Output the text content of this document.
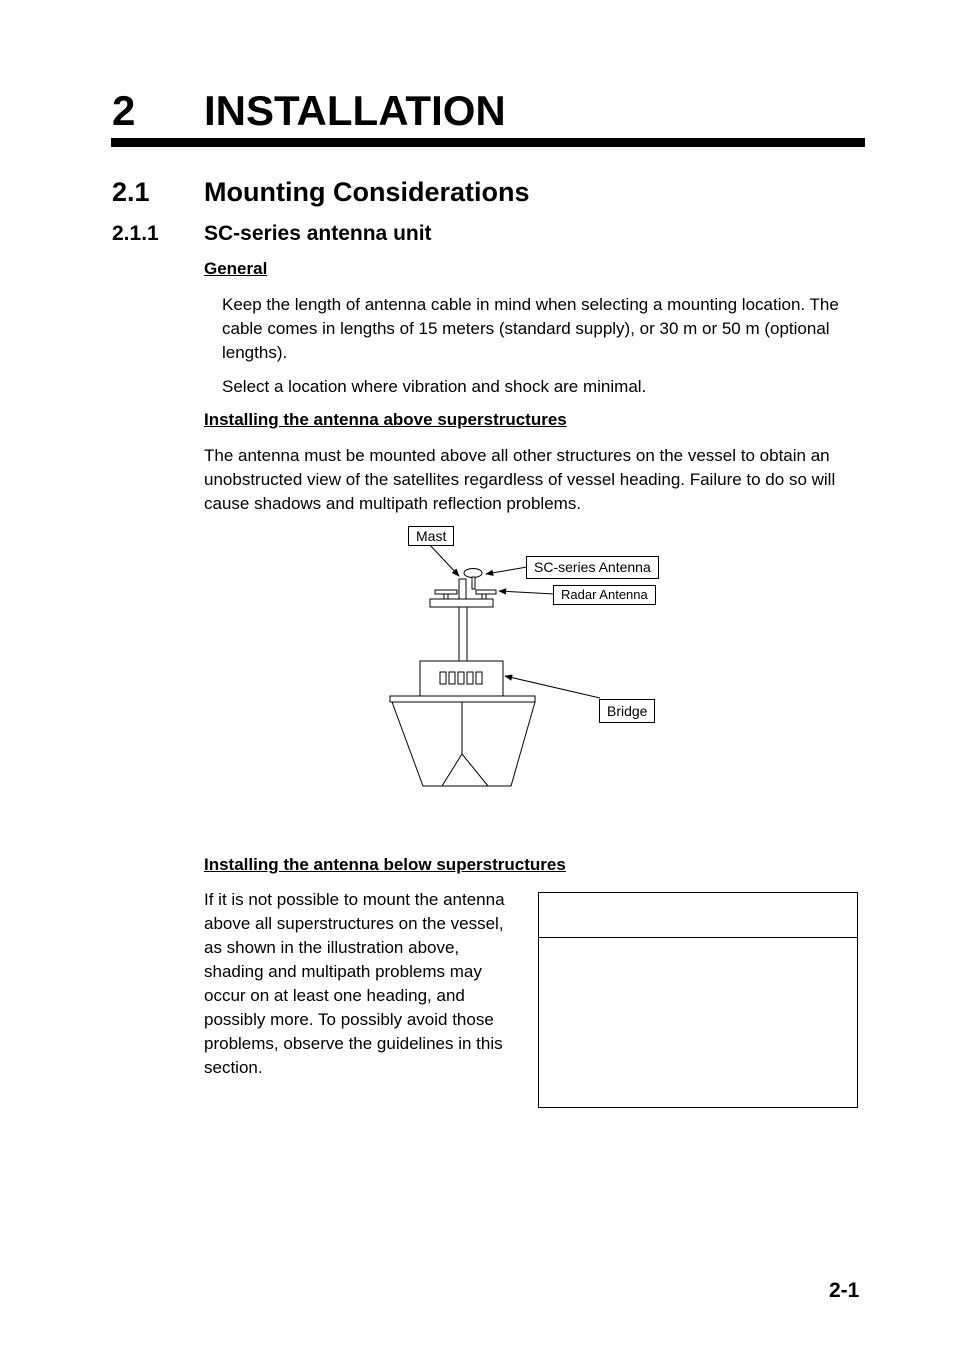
2 INSTALLATION
2.1 Mounting Considerations
2.1.1 SC-series antenna unit
General

Keep the length of antenna cable in mind when selecting a mounting location. The cable comes in lengths of 15 meters (standard supply), or 30 m or 50 m (optional lengths).

Select a location where vibration and shock are minimal.

Installing the antenna above superstructures

The antenna must be mounted above all other structures on the vessel to obtain an unobstructed view of the satellites regardless of vessel heading. Failure to do so will cause shadows and multipath reflection problems.

Mast
SC-series Antenna
Radar Antenna
Bridge
Installing the antenna below superstructures

If it is not possible to mount the antenna above all superstructures on the vessel, as shown in the illustration above, shading and multipath problems may occur on at least one heading, and possibly more. To possibly avoid those problems, observe the guidelines in this section.

2-1
